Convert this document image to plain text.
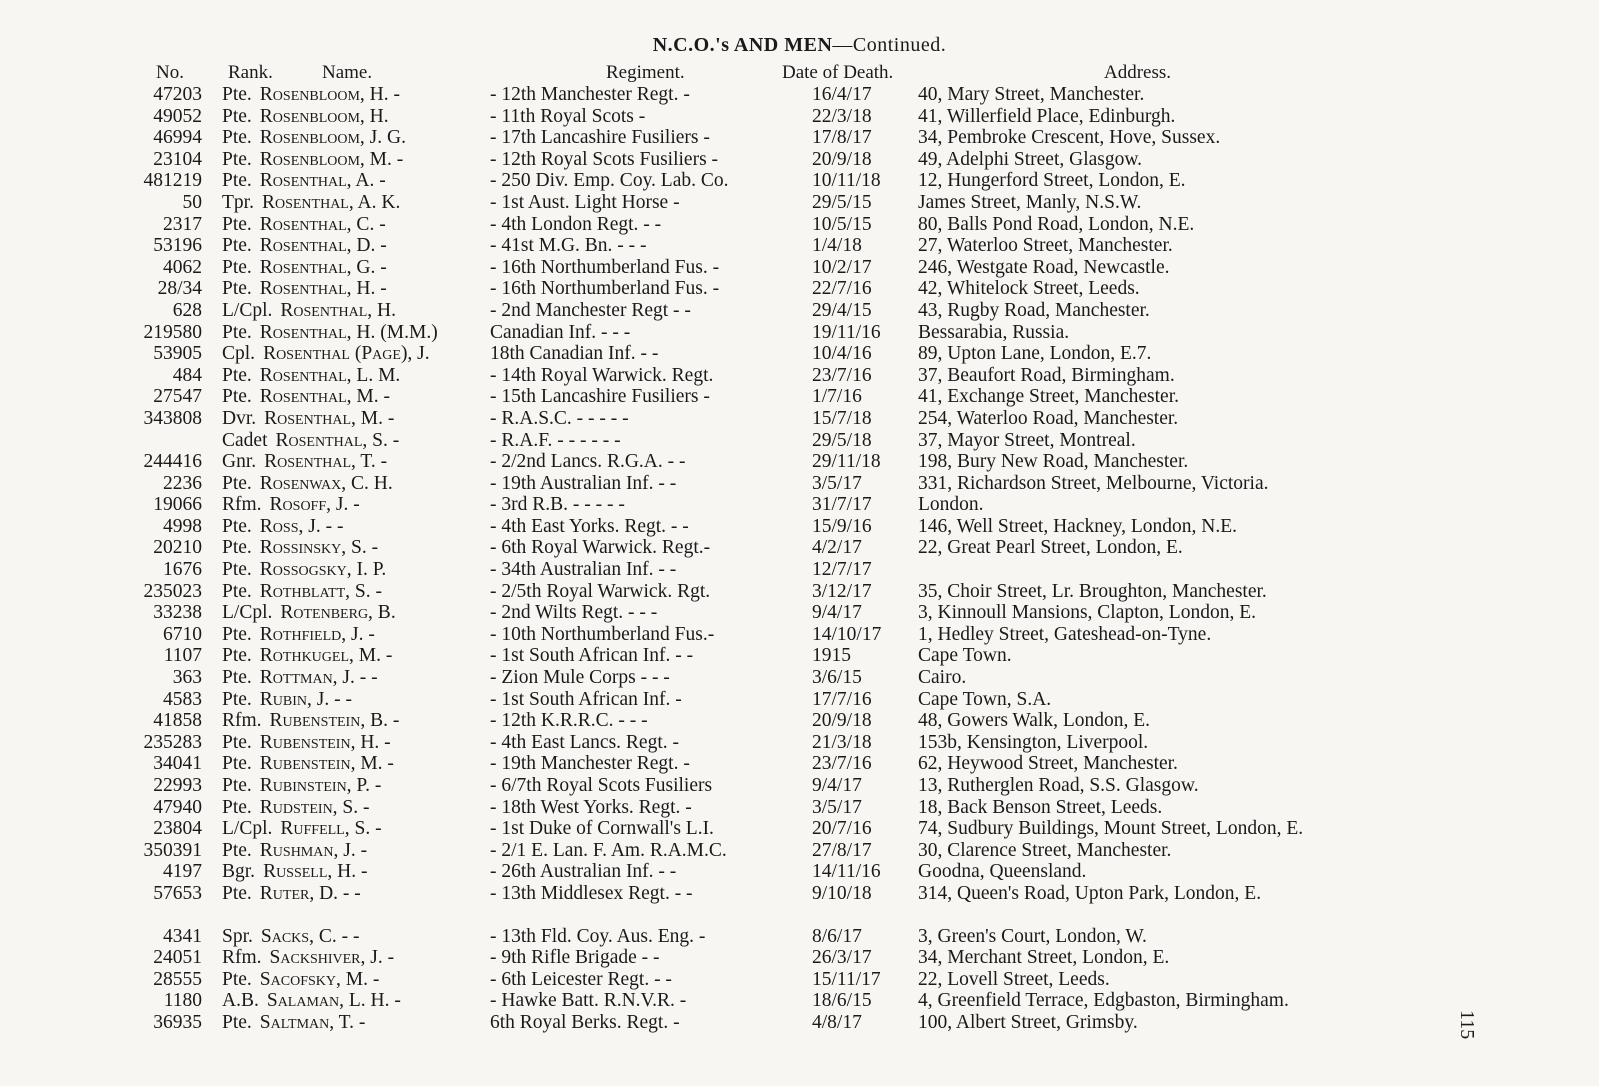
N.C.O.'s AND MEN—Continued.
No. Rank.	Name.	Regiment.	Date of Death.	Address.
47203 Pte. Rosenbloom, H. -	- 12th Manchester Regt. -	16/4/17 40, Mary Street, Manchester.
49052 Pte. Rosenbloom, H.	- 11th Royal Scots -	22/3/18 41, Willerfield Place, Edinburgh.
46994 Pte. Rosenbloom, J. G.	- 17th Lancashire Fusiliers -	17/8/17 34, Pembroke Crescent, Hove, Sussex.
23104 Pte. Rosenbloom, M. -	- 12th Royal Scots Fusiliers -	20/9/18 49, Adelphi Street, Glasgow.
481219 Pte. Rosenthal, A. -	- 250 Div. Emp. Coy. Lab. Co.	10/11/18 12, Hungerford Street, London, E.
50 Tpr. Rosenthal, A. K.	- 1st Aust. Light Horse -	29/5/15 James Street, Manly, N.S.W.
2317 Pte. Rosenthal, C. -	- 4th London Regt. - -	10/5/15 80, Balls Pond Road, London, N.E.
53196 Pte. Rosenthal, D. -	- 41st M.G. Bn. - - -	1/4/18	27, Waterloo Street, Manchester.
4062 Pte. Rosenthal, G. -	- 16th Northumberland Fus. -	10/2/17 246, Westgate Road, Newcastle.
28/34 Pte. Rosenthal, H. -	- 16th Northumberland Fus. -	22/7/16 42, Whitelock Street, Leeds.
628 L/Cpl. Rosenthal, H.	- 2nd Manchester Regt - -	29/4/15 43, Rugby Road, Manchester.
219580 Pte. Rosenthal, H. (M.M.)	Canadian Inf. - - -	19/11/16 Bessarabia, Russia.
53905 Cpl. Rosenthal (Page), J.	18th Canadian Inf. - -	10/4/16 89, Upton Lane, London, E.7.
484 Pte. Rosenthal, L. M.	- 14th Royal Warwick. Regt.	23/7/16 37, Beaufort Road, Birmingham.
27547 Pte. Rosenthal, M. -	- 15th Lancashire Fusiliers -	1/7/16	41, Exchange Street, Manchester.
343808 Dvr. Rosenthal, M. -	- R.A.S.C. - - - - -	15/7/18 254, Waterloo Road, Manchester.
Cadet Rosenthal, S. -	- R.A.F. - - - - - -	29/5/18 37, Mayor Street, Montreal.
244416 Gnr. Rosenthal, T. -	- 2/2nd Lancs. R.G.A. - -	29/11/18 198, Bury New Road, Manchester.
2236 Pte. Rosenwax, C. H.	- 19th Australian Inf. - -	3/5/17	331, Richardson Street, Melbourne, Victoria.
19066 Rfm. Rosoff, J. -	- 3rd R.B. - - - - -	31/7/17 London.
4998 Pte. Ross, J. - -	- 4th East Yorks. Regt. - -	15/9/16 146, Well Street, Hackney, London, N.E.
20210 Pte. Rossinsky, S. -	- 6th Royal Warwick. Regt.-	4/2/17	22, Great Pearl Street, London, E.
1676 Pte. Rossogsky, I. P.	- 34th Australian Inf. - -	12/7/17
235023 Pte. Rothblatt, S. -	- 2/5th Royal Warwick. Rgt.	3/12/17 35, Choir Street, Lr. Broughton, Manchester.
33238 L/Cpl. Rotenberg, B.	- 2nd Wilts Regt. - - -	9/4/17	3, Kinnoull Mansions, Clapton, London, E.
6710 Pte. Rothfield, J. -	- 10th Northumberland Fus.-	14/10/17 1, Hedley Street, Gateshead-on-Tyne.
1107 Pte. Rothkugel, M. -	- 1st South African Inf. - -	1915	Cape Town.
363 Pte. Rottman, J. - -	- Zion Mule Corps - - -	3/6/15	Cairo.
4583 Pte. Rubin, J. - -	- 1st South African Inf. -	17/7/16 Cape Town, S.A.
41858 Rfm. Rubenstein, B. -	- 12th K.R.R.C. - - -	20/9/18 48, Gowers Walk, London, E.
235283 Pte. Rubenstein, H. -	- 4th East Lancs. Regt. -	21/3/18 153b, Kensington, Liverpool.
34041 Pte. Rubenstein, M. -	- 19th Manchester Regt. -	23/7/16 62, Heywood Street, Manchester.
22993 Pte. Rubinstein, P. -	- 6/7th Royal Scots Fusiliers	9/4/17	13, Rutherglen Road, S.S. Glasgow.
47940 Pte. Rudstein, S. -	- 18th West Yorks. Regt. -	3/5/17	18, Back Benson Street, Leeds.
23804 L/Cpl. Ruffell, S. -	- 1st Duke of Cornwall's L.I.	20/7/16 74, Sudbury Buildings, Mount Street, London, E.
350391 Pte. Rushman, J. -	- 2/1 E. Lan. F. Am. R.A.M.C.	27/8/17 30, Clarence Street, Manchester.
4197 Bgr. Russell, H. -	- 26th Australian Inf. - -	14/11/16 Goodna, Queensland.
57653 Pte. Ruter, D. - -	- 13th Middlesex Regt. - -	9/10/18 314, Queen's Road, Upton Park, London, E.
4341 Spr. Sacks, C. - -	- 13th Fld. Coy. Aus. Eng. -	8/6/17	3, Green's Court, London, W.
24051 Rfm. Sackshiver, J. -	- 9th Rifle Brigade - -	26/3/17 34, Merchant Street, London, E.
28555 Pte. Sacofsky, M. -	- 6th Leicester Regt. - -	15/11/17 22, Lovell Street, Leeds.
1180 A.B. Salaman, L. H. -	- Hawke Batt. R.N.V.R. -	18/6/15 4, Greenfield Terrace, Edgbaston, Birmingham.
36935 Pte. Saltman, T. -	6th Royal Berks. Regt. -	4/8/17	100, Albert Street, Grimsby.	115
